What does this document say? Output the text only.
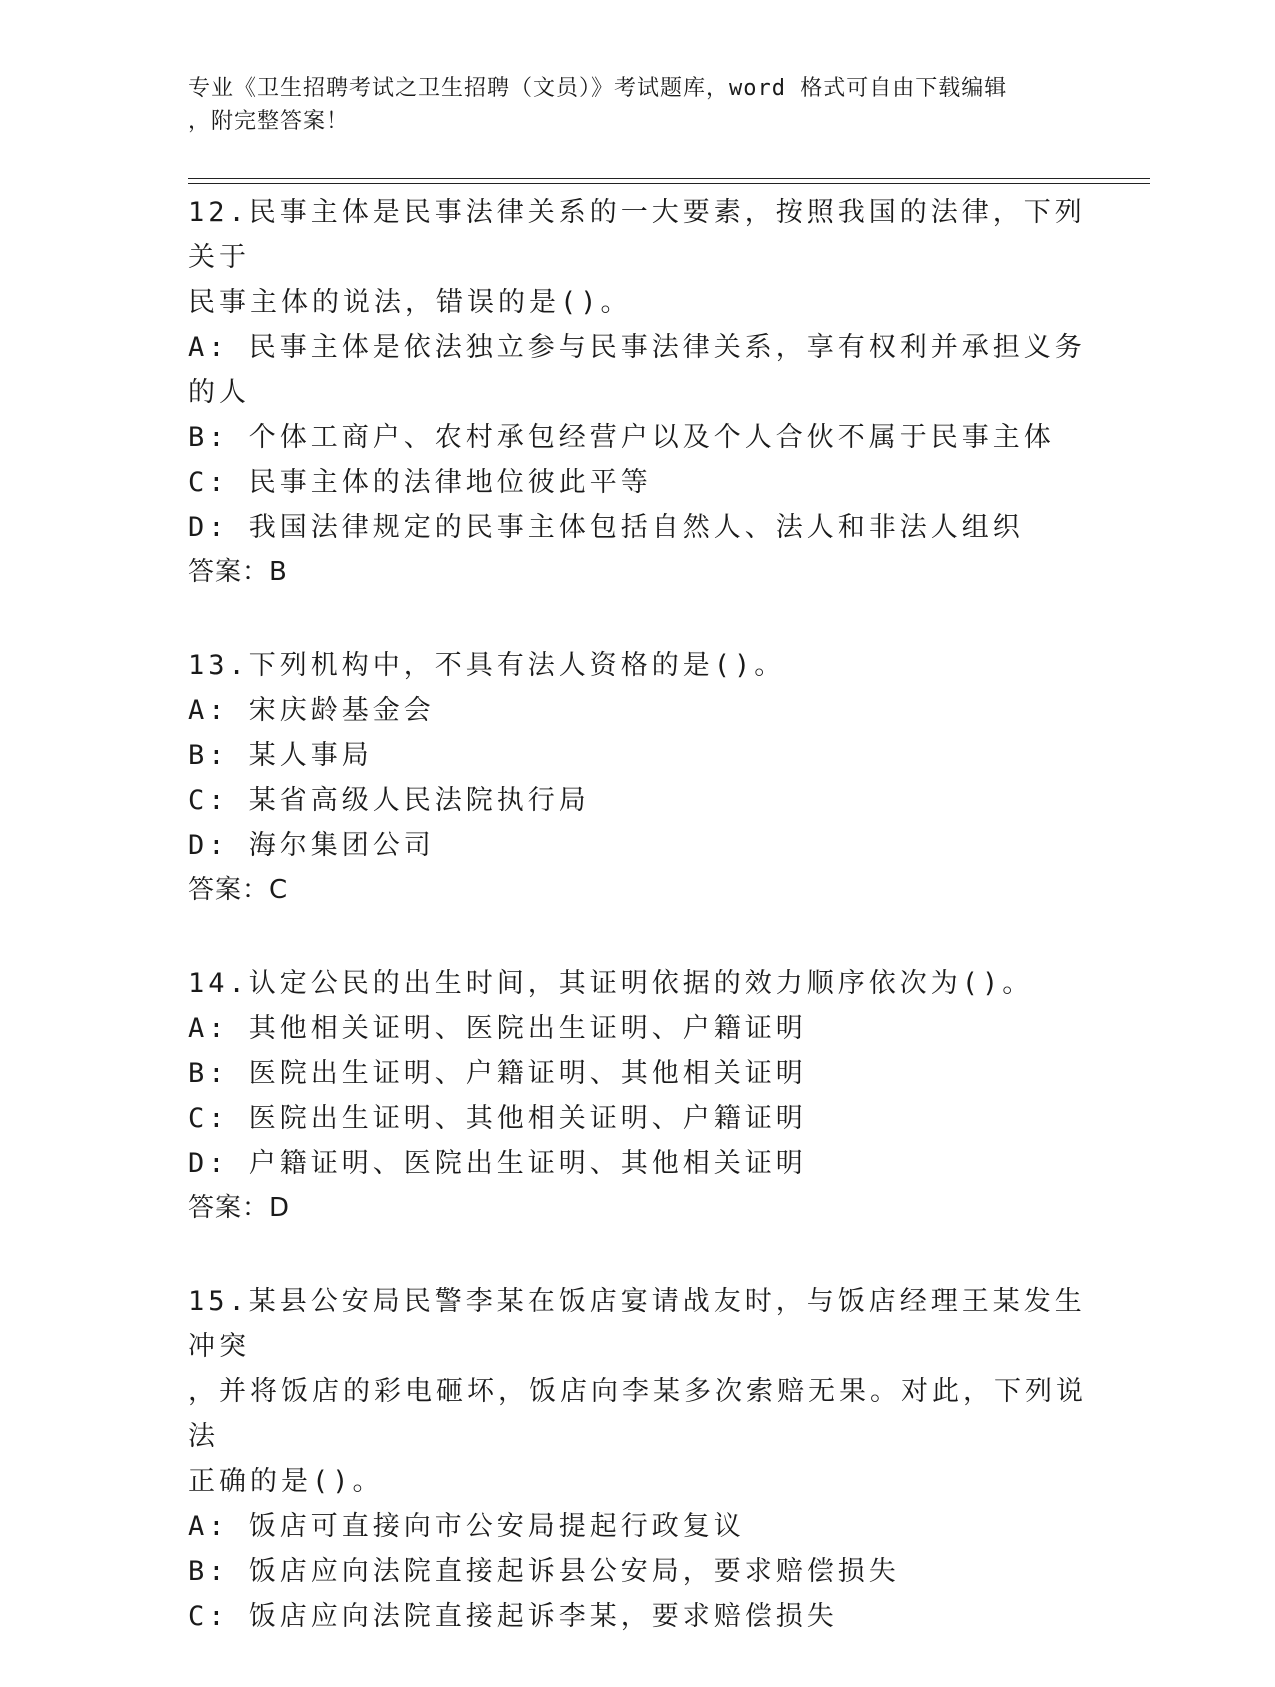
专业《卫生招聘考试之卫生招聘（文员）》考试题库，word 格式可自由下载编辑
，附完整答案！

12.民事主体是民事法律关系的一大要素，按照我国的法律，下列关于

民事主体的说法，错误的是()。

A: 民事主体是依法独立参与民事法律关系，享有权利并承担义务的人

B: 个体工商户、农村承包经营户以及个人合伙不属于民事主体

C: 民事主体的法律地位彼此平等

D: 我国法律规定的民事主体包括自然人、法人和非法人组织

答案：B

13.下列机构中，不具有法人资格的是()。

A: 宋庆龄基金会

B: 某人事局

C: 某省高级人民法院执行局

D: 海尔集团公司

答案：C

14.认定公民的出生时间，其证明依据的效力顺序依次为()。

A: 其他相关证明、医院出生证明、户籍证明

B: 医院出生证明、户籍证明、其他相关证明

C: 医院出生证明、其他相关证明、户籍证明

D: 户籍证明、医院出生证明、其他相关证明

答案：D

15.某县公安局民警李某在饭店宴请战友时，与饭店经理王某发生冲突

，并将饭店的彩电砸坏，饭店向李某多次索赔无果。对此，下列说法

正确的是()。

A: 饭店可直接向市公安局提起行政复议

B: 饭店应向法院直接起诉县公安局，要求赔偿损失

C: 饭店应向法院直接起诉李某，要求赔偿损失
